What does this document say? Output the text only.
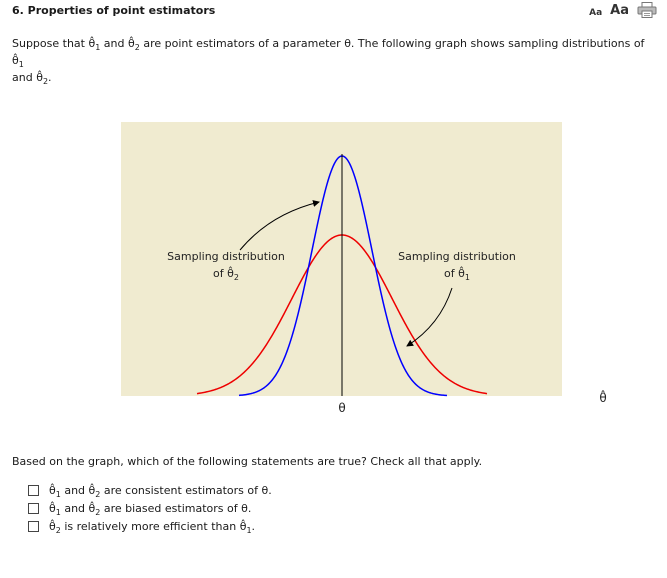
6. Properties of point estimators	Aa Aa
Suppose that $\thetâ_1$ and $\thetâ_2$ are point estimators of a parameter θ. The following graph shows sampling distributions of $\thetâ_1$
and $\thetâ_2$.
Sampling distribution
of $\thetâ_2$
Sampling distribution
of $\thetâ_1$
θ
θ̂
Based on the graph, which of the following statements are true? Check all that apply.
$\thetâ_1$ and $\thetâ_2$ are consistent estimators of θ.
$\thetâ_1$ and $\thetâ_2$ are biased estimators of θ.
$\thetâ_2$ is relatively more efficient than $\thetâ_1$.
